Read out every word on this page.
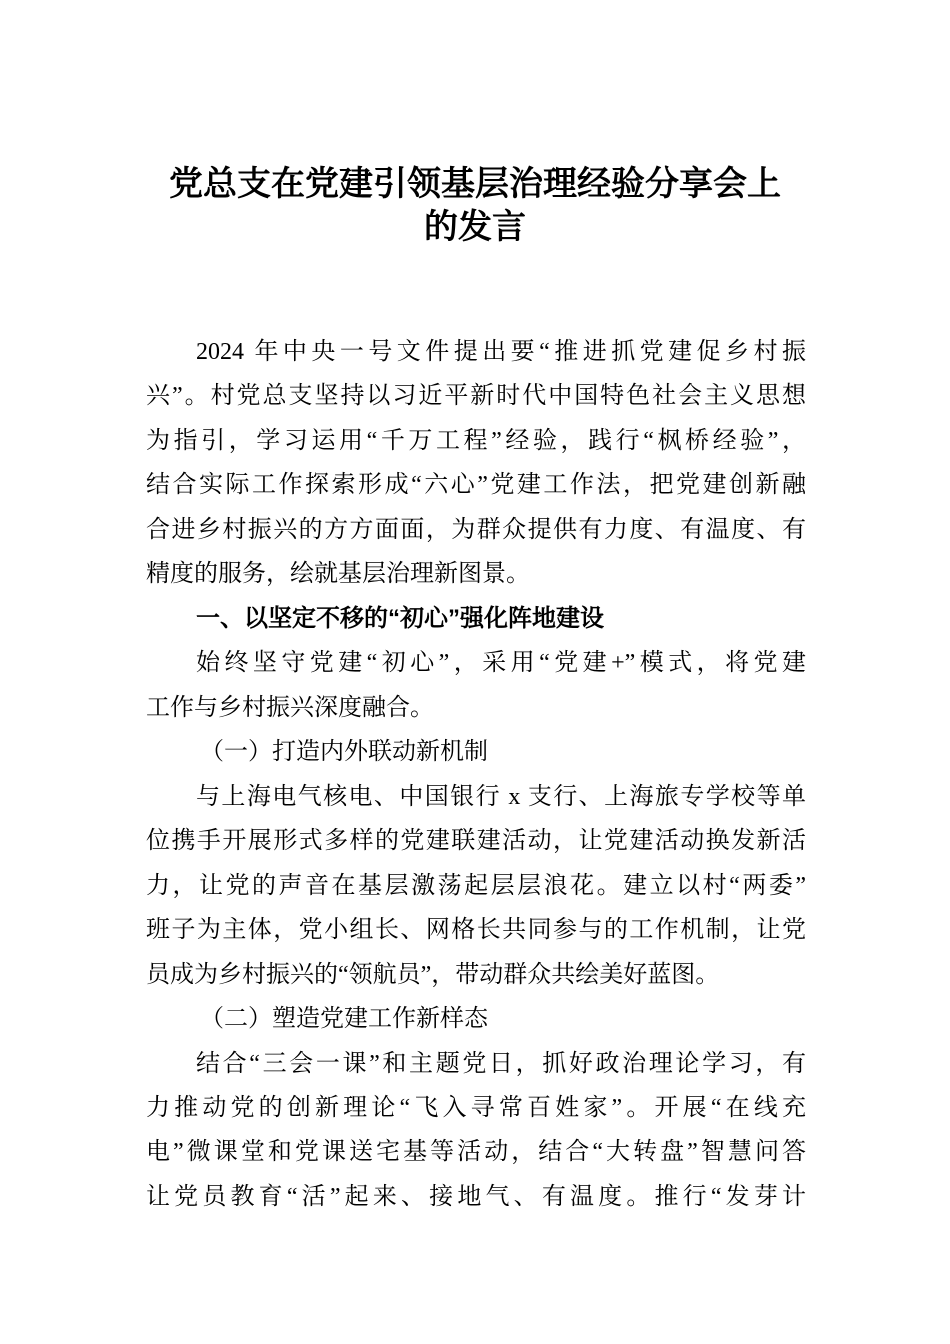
党总支在党建引领基层治理经验分享会上
的发言
2024 年中央一号文件提出要“推进抓党建促乡村振
兴”。村党总支坚持以习近平新时代中国特色社会主义思想
为指引，学习运用“千万工程”经验，践行“枫桥经验”，
结合实际工作探索形成“六心”党建工作法，把党建创新融
合进乡村振兴的方方面面，为群众提供有力度、有温度、有
精度的服务，绘就基层治理新图景。
一、以坚定不移的“初心”强化阵地建设
始终坚守党建“初心”，采用“党建+”模式，将党建
工作与乡村振兴深度融合。
（一）打造内外联动新机制
与上海电气核电、中国银行 x 支行、上海旅专学校等单
位携手开展形式多样的党建联建活动，让党建活动换发新活
力，让党的声音在基层激荡起层层浪花。建立以村“两委”
班子为主体，党小组长、网格长共同参与的工作机制，让党
员成为乡村振兴的“领航员”，带动群众共绘美好蓝图。
（二）塑造党建工作新样态
结合“三会一课”和主题党日，抓好政治理论学习，有
力推动党的创新理论“飞入寻常百姓家”。开展“在线充
电”微课堂和党课送宅基等活动，结合“大转盘”智慧问答
让党员教育“活”起来、接地气、有温度。推行“发芽计
